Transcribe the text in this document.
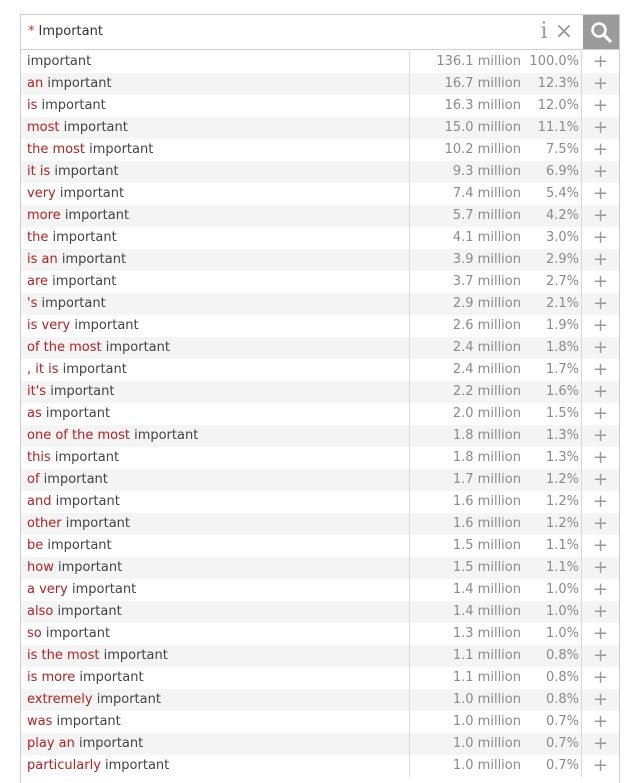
* Important	i ×
important	136.1 million 100.0% +
an important	16.7 million	12.3% +
is important	16.3 million	12.0% +
most important	15.0 million	11.1% +
the most important	10.2 million	7.5% +
it is important	9.3 million	6.9% +
very important	7.4 million	5.4% +
more important	5.7 million	4.2% +
the important	4.1 million	3.0% +
is an important	3.9 million	2.9% +
are important	3.7 million	2.7% +
's important	2.9 million	2.1% +
is very important	2.6 million	1.9% +
of the most important	2.4 million	1.8% +
, it is important	2.4 million	1.7% +
it's important	2.2 million	1.6% +
as important	2.0 million	1.5% +
one of the most important	1.8 million	1.3% +
this important	1.8 million	1.3% +
of important	1.7 million	1.2% +
and important	1.6 million	1.2% +
other important	1.6 million	1.2% +
be important	1.5 million	1.1% +
how important	1.5 million	1.1% +
a very important	1.4 million	1.0% +
also important	1.4 million	1.0% +
so important	1.3 million	1.0% +
is the most important	1.1 million	0.8% +
is more important	1.1 million	0.8% +
extremely important	1.0 million	0.8% +
was important	1.0 million	0.7% +
play an important	1.0 million	0.7% +
particularly important	1.0 million	0.7% +
